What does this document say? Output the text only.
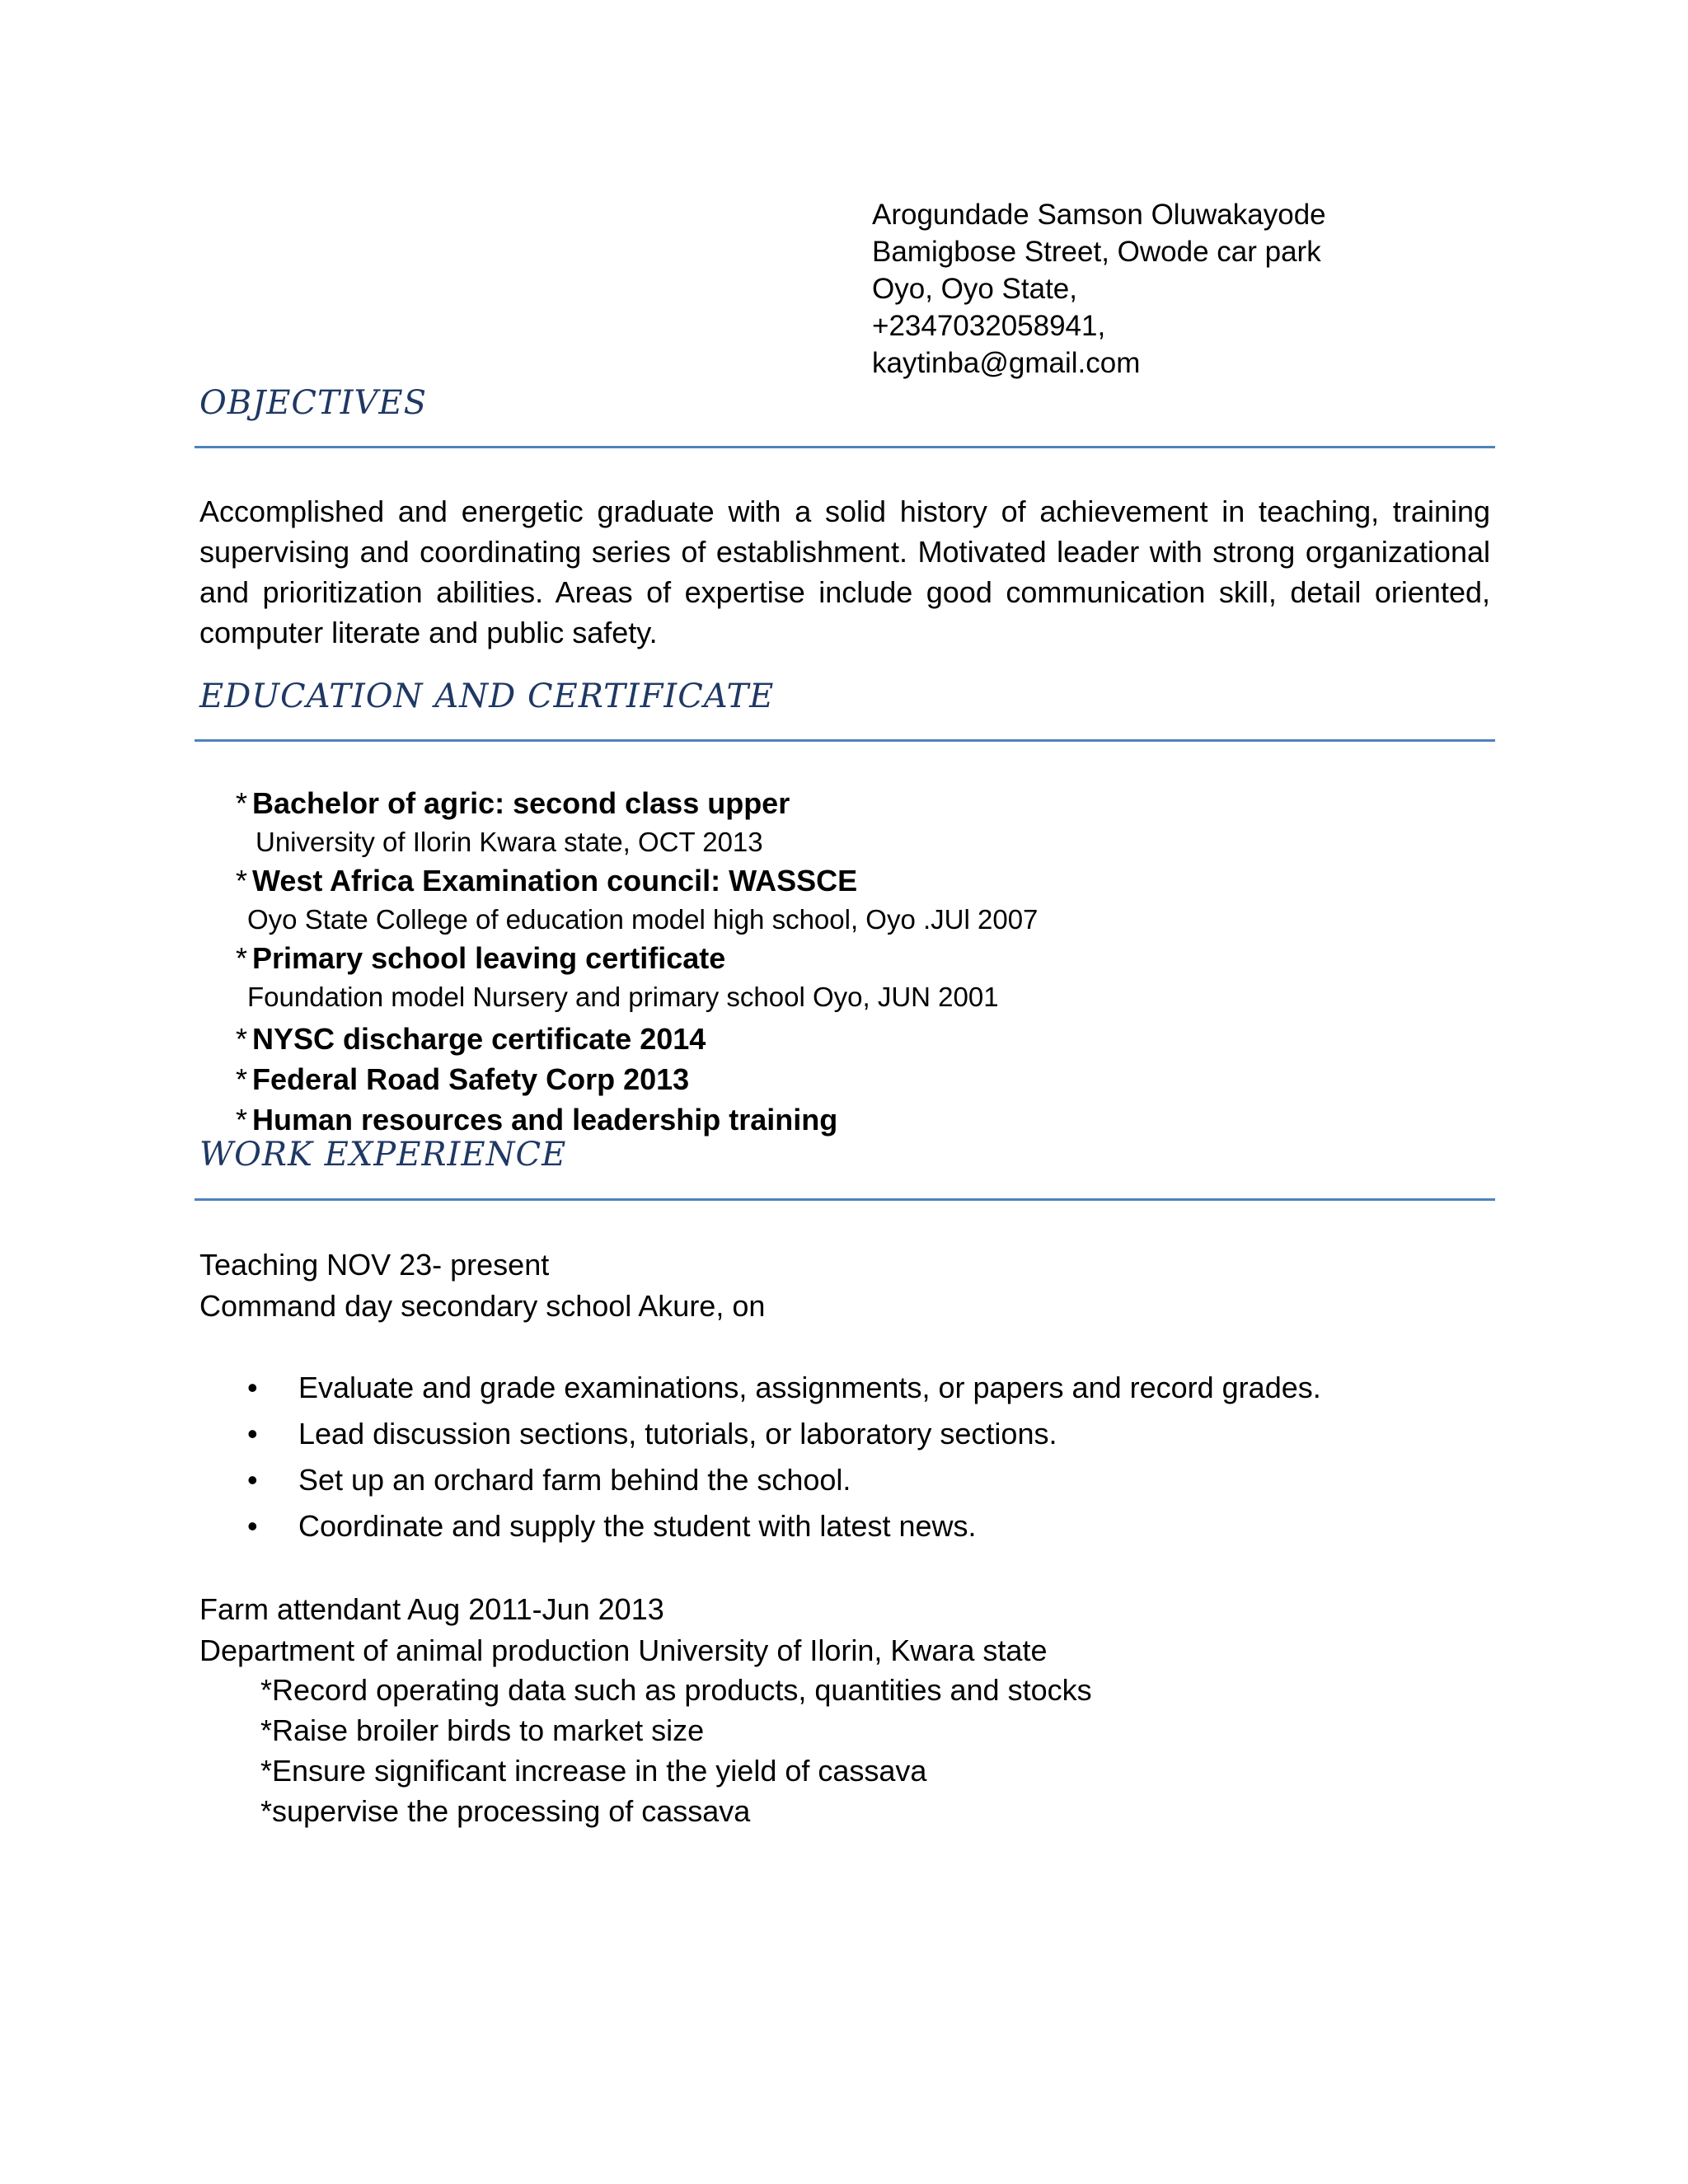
Arogundade Samson Oluwakayode
Bamigbose Street, Owode car park
Oyo, Oyo State,
+2347032058941,
kaytinba@gmail.com
OBJECTIVES
Accomplished and energetic graduate with a solid history of achievement in teaching, training supervising and coordinating series of establishment. Motivated leader with strong organizational and prioritization abilities. Areas of expertise include good communication skill, detail oriented, computer literate and public safety.
EDUCATION AND CERTIFICATE
* Bachelor of agric: second class upper
University of Ilorin Kwara state, OCT 2013
* West Africa Examination council: WASSCE
Oyo State College of education model high school, Oyo .JUl 2007
* Primary school leaving certificate
Foundation model Nursery and primary school Oyo, JUN 2001
* NYSC discharge certificate 2014
* Federal Road Safety Corp 2013
* Human resources and leadership training
WORK EXPERIENCE
Teaching NOV 23- present
Command day secondary school Akure, on
• Evaluate and grade examinations, assignments, or papers and record grades.
• Lead discussion sections, tutorials, or laboratory sections.
• Set up an orchard farm behind the school.
• Coordinate and supply the student with latest news.
Farm attendant Aug 2011-Jun 2013
Department of animal production University of Ilorin, Kwara state
*Record operating data such as products, quantities and stocks
*Raise broiler birds to market size
*Ensure significant increase in the yield of cassava
*supervise the processing of cassava
